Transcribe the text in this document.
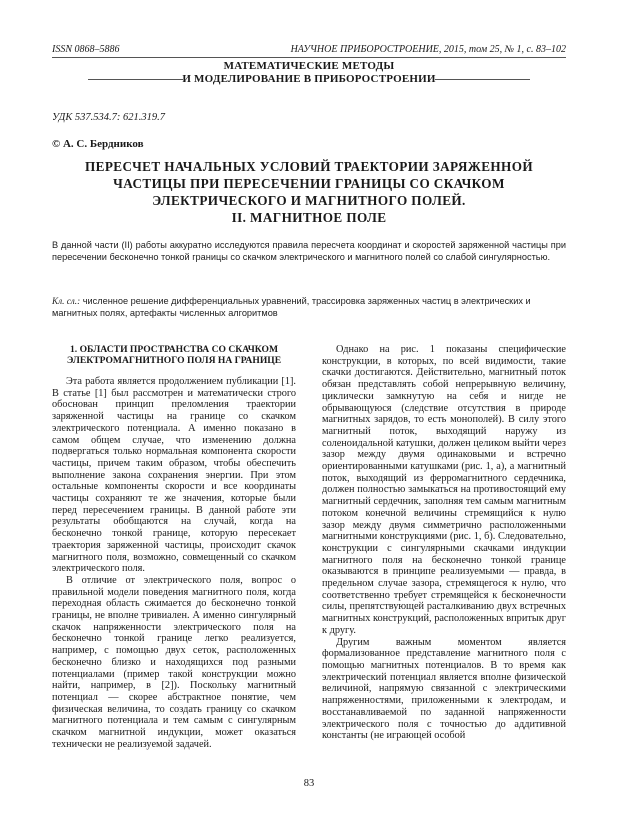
ISSN 0868–5886	НАУЧНОЕ ПРИБОРОСТРОЕНИЕ, 2015, том 25, № 1, c. 83–102
МАТЕМАТИЧЕСКИЕ МЕТОДЫ
И МОДЕЛИРОВАНИЕ В ПРИБОРОСТРОЕНИИ
УДК 537.534.7: 621.319.7
© А. С. Бердников
ПЕРЕСЧЕТ НАЧАЛЬНЫХ УСЛОВИЙ ТРАЕКТОРИИ ЗАРЯЖЕННОЙ
ЧАСТИЦЫ ПРИ ПЕРЕСЕЧЕНИИ ГРАНИЦЫ СО СКАЧКОМ
ЭЛЕКТРИЧЕСКОГО И МАГНИТНОГО ПОЛЕЙ.
II. МАГНИТНОЕ ПОЛЕ
В данной части (II) работы аккуратно исследуются правила пересчета координат и скоростей заряженной частицы при пересечении бесконечно тонкой границы со скачком электрического и магнитного полей со слабой сингулярностью.
Кл. сл.: численное решение дифференциальных уравнений, трассировка заряженных частиц в электрических и магнитных полях, артефакты численных алгоритмов
1. ОБЛАСТИ ПРОСТРАНСТВА СО СКАЧКОМ
ЭЛЕКТРОМАГНИТНОГО ПОЛЯ НА ГРАНИЦЕ

Эта работа является продолжением публикации [1]. В статье [1] был рассмотрен и математически строго обоснован принцип преломления траектории заряженной частицы на границе со скачком электрического потенциала. А именно показано в самом общем случае, что изменению должна подвергаться только нормальная компонента скорости частицы, причем таким образом, чтобы обеспечить выполнение закона сохранения энергии. При этом остальные компоненты скорости и все координаты частицы сохраняют те же значения, которые были перед пересечением границы. В данной работе эти результаты обобщаются на случай, когда на бесконечно тонкой границе, которую пересекает траектория заряженной частицы, происходит скачок магнитного поля, возможно, совмещенный со скачком электрического поля.

В отличие от электрического поля, вопрос о правильной модели поведения магнитного поля, когда переходная область сжимается до бесконечно тонкой границы, не вполне тривиален. А именно сингулярный скачок напряженности электрического поля на бесконечно тонкой границе легко реализуется, например, с помощью двух сеток, расположенных бесконечно близко и находящихся под разными потенциалами (пример такой конструкции можно найти, например, в [2]). Поскольку магнитный потенциал — скорее абстрактное понятие, чем физическая величина, то создать границу со скачком магнитного потенциала и тем самым с сингулярным скачком магнитной индукции, может оказаться технически не реализуемой задачей.

Однако на рис. 1 показаны специфические конструкции, в которых, по всей видимости, такие скачки достигаются. Действительно, магнитный поток обязан представлять собой непрерывную величину, циклически замкнутую на себя и нигде не обрывающуюся (следствие отсутствия в природе магнитных зарядов, то есть монополей). В силу этого магнитный поток, выходящий наружу из соленоидальной катушки, должен целиком выйти через зазор между двумя одинаковыми и встречно ориентированными катушками (рис. 1, а), а магнитный поток, выходящий из ферромагнитного сердечника, должен полностью замыкаться на противостоящий ему магнитный сердечник, заполняя тем самым магнитным потоком конечной величины стремящийся к нулю зазор между двумя симметрично расположенными магнитными конструкциями (рис. 1, б). Следовательно, конструкции с сингулярными скачками индукции магнитного поля на бесконечно тонкой границе оказываются в принципе реализуемыми — правда, в предельном случае зазора, стремящегося к нулю, что соответственно требует стремящейся к бесконечности силы, препятствующей расталкиванию двух встречных магнитных конструкций, расположенных впритык друг к другу.

Другим важным моментом является формализованное представление магнитного поля с помощью магнитных потенциалов. В то время как электрический потенциал является вполне физической величиной, напрямую связанной с электрическими напряженностями, приложенными к электродам, и восстанавливаемой по заданной напряженности электрического поля с точностью до аддитивной константы (не играющей особой

83
